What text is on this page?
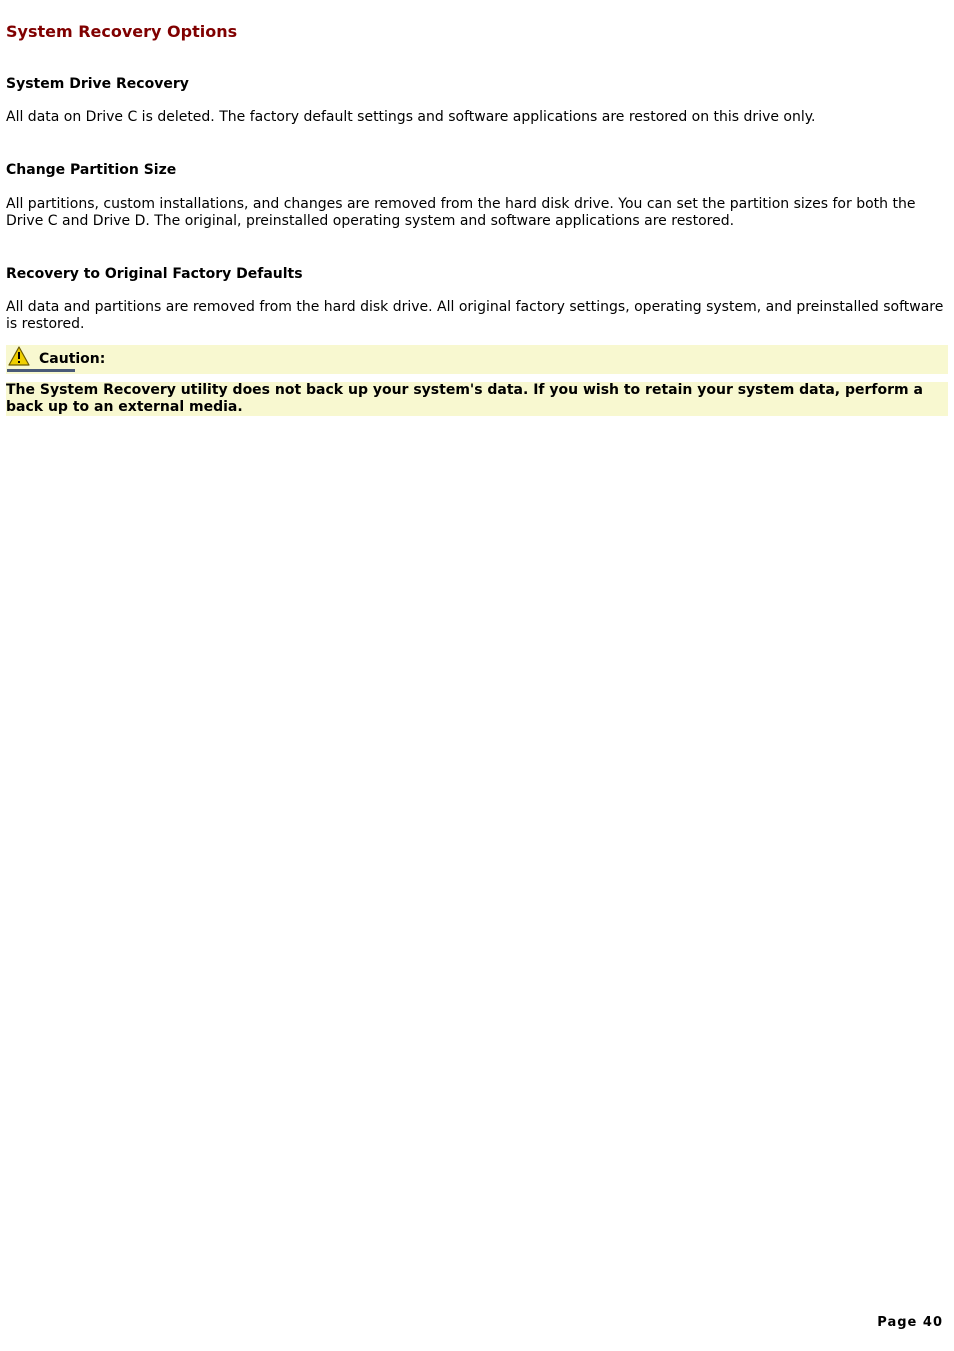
System Recovery Options
System Drive Recovery

All data on Drive C is deleted. The factory default settings and software applications are restored on this drive only.

Change Partition Size

All partitions, custom installations, and changes are removed from the hard disk drive. You can set the partition sizes for both the Drive C and Drive D. The original, preinstalled operating system and software applications are restored.

Recovery to Original Factory Defaults

All data and partitions are removed from the hard disk drive. All original factory settings, operating system, and preinstalled software is restored.

Caution:

The System Recovery utility does not back up your system's data. If you wish to retain your system data, perform a back up to an external media.

Page 40
